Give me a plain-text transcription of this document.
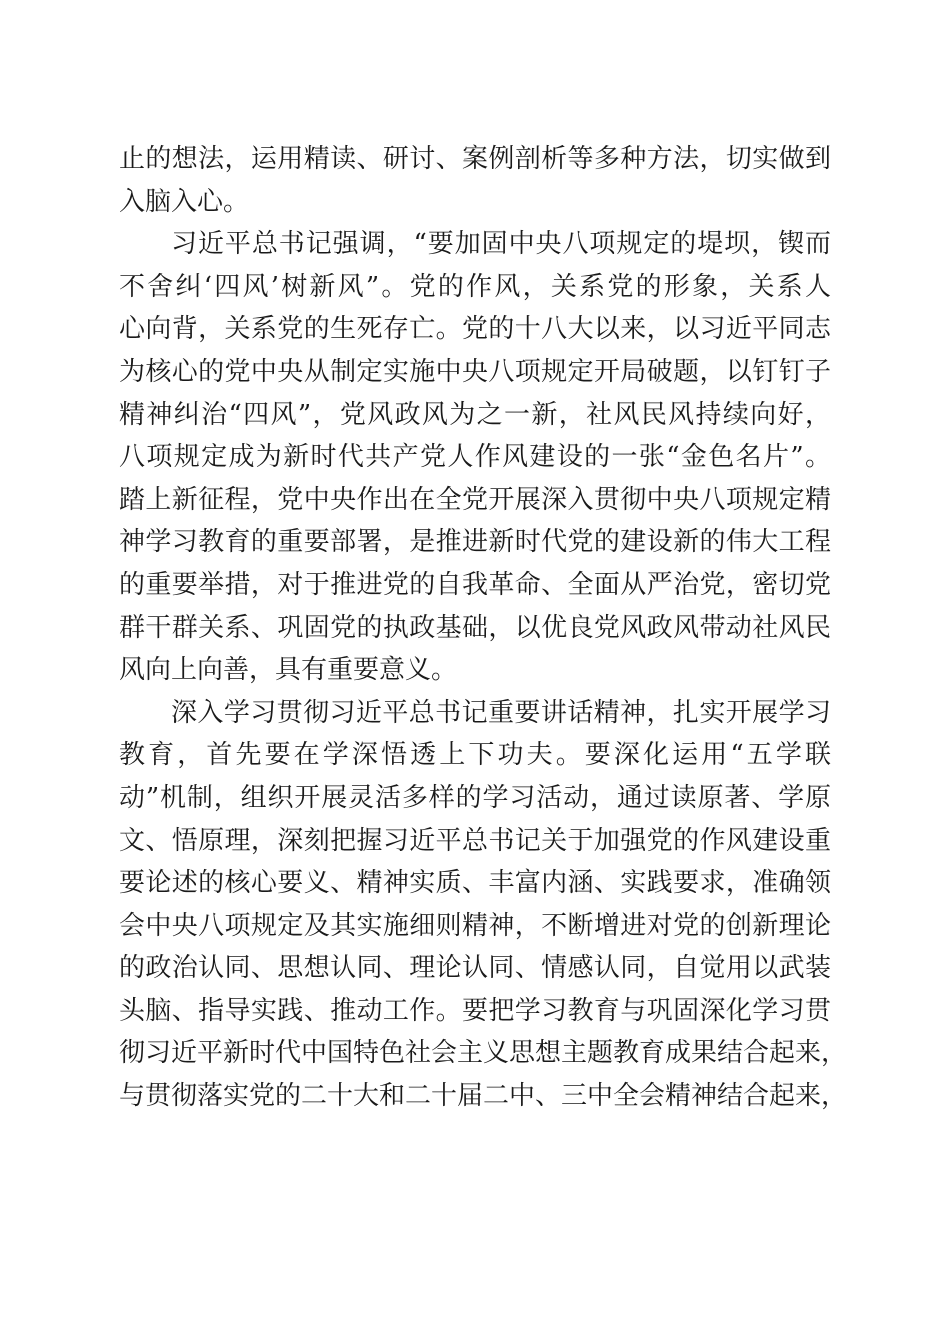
止的想法，运用精读、研讨、案例剖析等多种方法，切实做到
入脑入心。
习近平总书记强调，“要加固中央八项规定的堤坝，锲而
不舍纠‘四风’树新风”。党的作风，关系党的形象，关系人
心向背，关系党的生死存亡。党的十八大以来，以习近平同志
为核心的党中央从制定实施中央八项规定开局破题，以钉钉子
精神纠治“四风”，党风政风为之一新，社风民风持续向好，
八项规定成为新时代共产党人作风建设的一张“金色名片”。
踏上新征程，党中央作出在全党开展深入贯彻中央八项规定精
神学习教育的重要部署，是推进新时代党的建设新的伟大工程
的重要举措，对于推进党的自我革命、全面从严治党，密切党
群干群关系、巩固党的执政基础，以优良党风政风带动社风民
风向上向善，具有重要意义。
深入学习贯彻习近平总书记重要讲话精神，扎实开展学习
教育，首先要在学深悟透上下功夫。要深化运用“五学联
动”机制，组织开展灵活多样的学习活动，通过读原著、学原
文、悟原理，深刻把握习近平总书记关于加强党的作风建设重
要论述的核心要义、精神实质、丰富内涵、实践要求，准确领
会中央八项规定及其实施细则精神，不断增进对党的创新理论
的政治认同、思想认同、理论认同、情感认同，自觉用以武装
头脑、指导实践、推动工作。要把学习教育与巩固深化学习贯
彻习近平新时代中国特色社会主义思想主题教育成果结合起来，
与贯彻落实党的二十大和二十届二中、三中全会精神结合起来，
